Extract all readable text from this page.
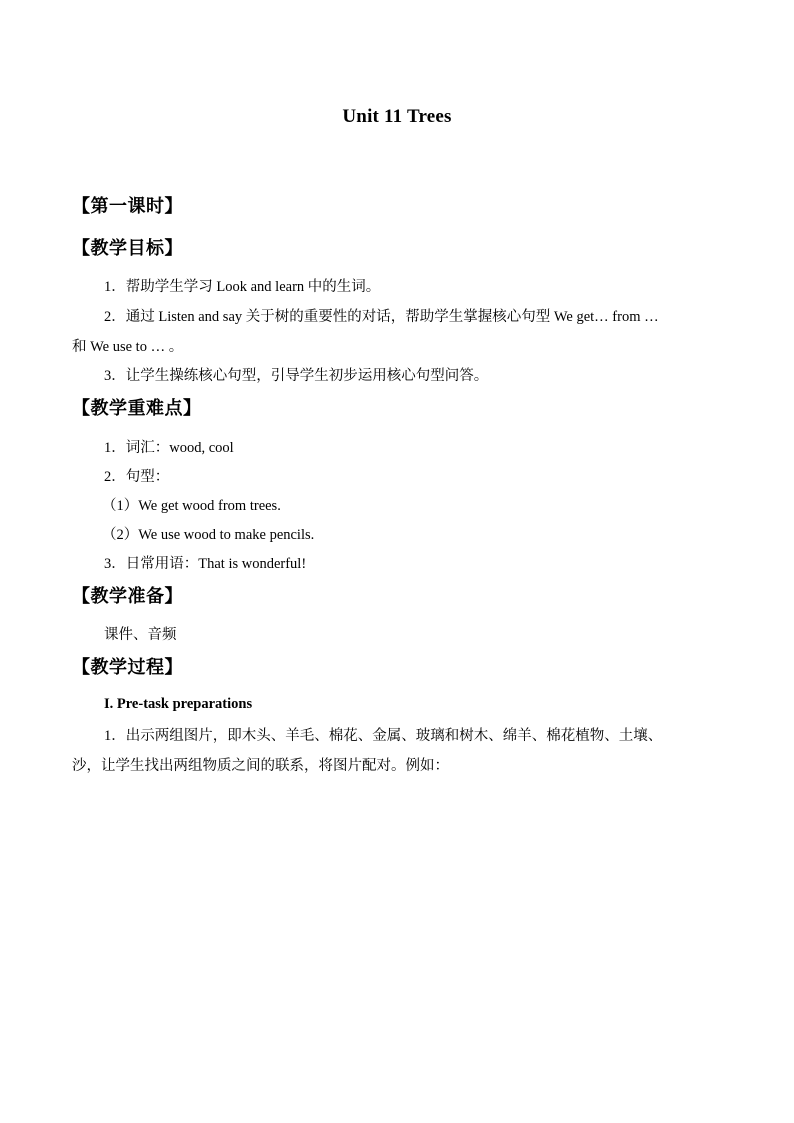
Unit 11 Trees
【第一课时】
【教学目标】
1．帮助学生学习 Look and learn 中的生词。
2．通过 Listen and say 关于树的重要性的对话，帮助学生掌握核心句型 We get… from …
和 We use to … 。
3．让学生操练核心句型，引导学生初步运用核心句型问答。
【教学重难点】
1．词汇：wood, cool
2．句型：
（1）We get wood from trees.
（2）We use wood to make pencils.
3．日常用语：That is wonderful!
【教学准备】
课件、音频
【教学过程】
I. Pre-task preparations
1．出示两组图片，即木头、羊毛、棉花、金属、玻璃和树木、绵羊、棉花植物、土壤、
沙，让学生找出两组物质之间的联系，将图片配对。例如：
